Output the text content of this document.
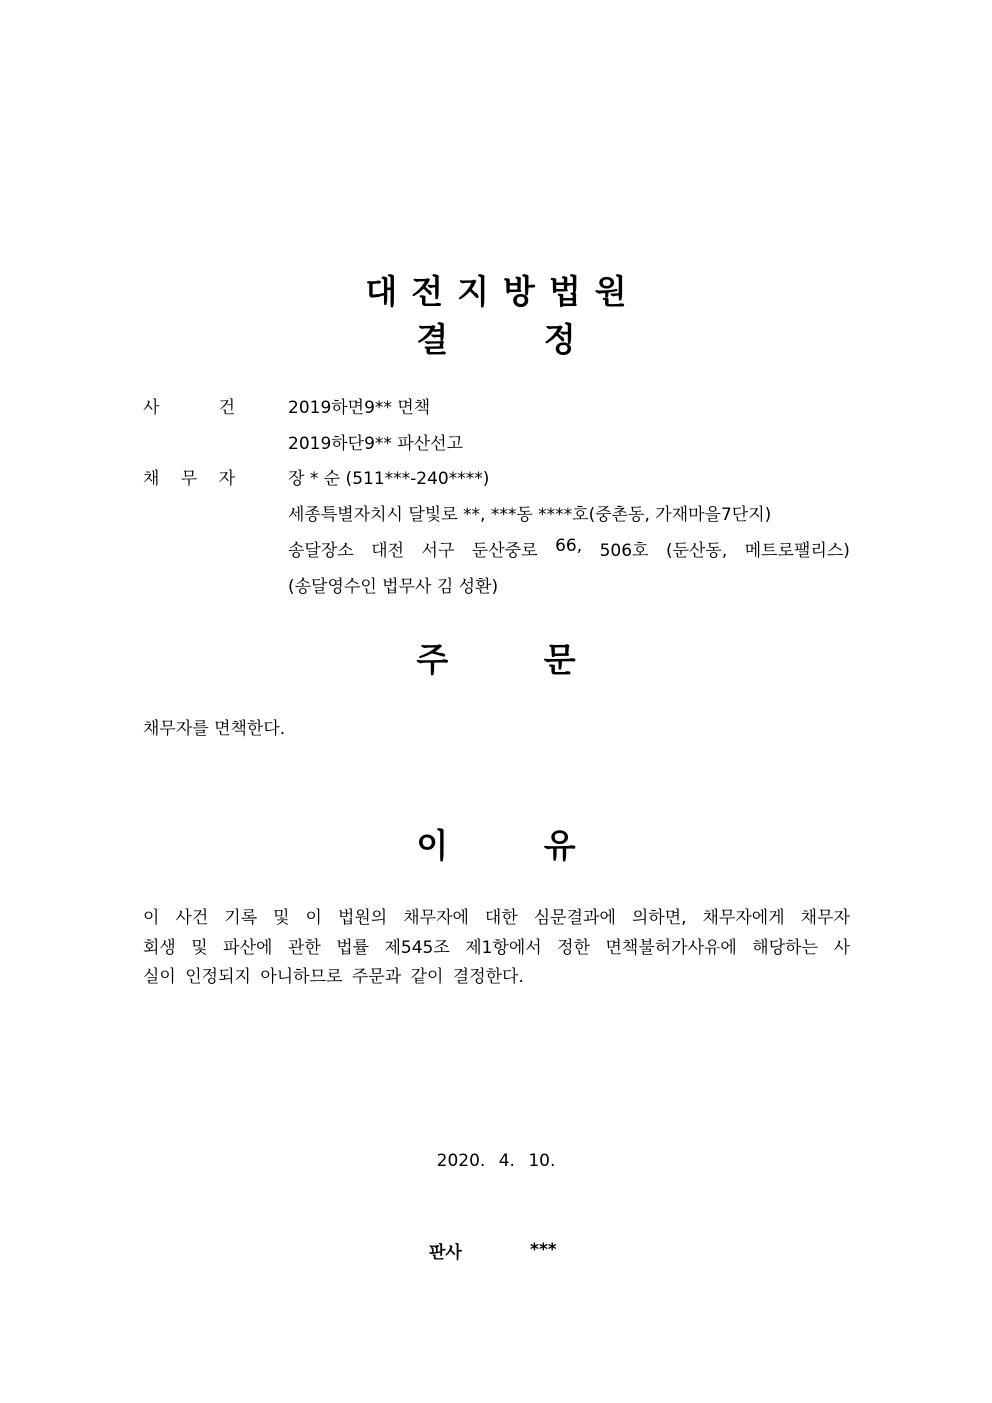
대전지방법원
결 정
사	건	2019하면9** 면책
2019하단9** 파산선고
채 무 자	장 * 순 (511***-240****)
세종특별자치시 달빛로 **, ***동 ****호(중촌동, 가재마을7단지)
송달장소 대전 서구 둔산중로 66, 506호 (둔산동, 메트로팰리스)
(송달영수인 법무사 김 성환)
주 문
채무자를 면책한다.
이 유
이 사건 기록 및 이 법원의 채무자에 대한 심문결과에 의하면, 채무자에게 채무자
회생 및 파산에 관한 법률 제545조 제1항에서 정한 면책불허가사유에 해당하는 사
실이 인정되지 아니하므로 주문과 같이 결정한다.
2020. 4. 10.
판사	***
